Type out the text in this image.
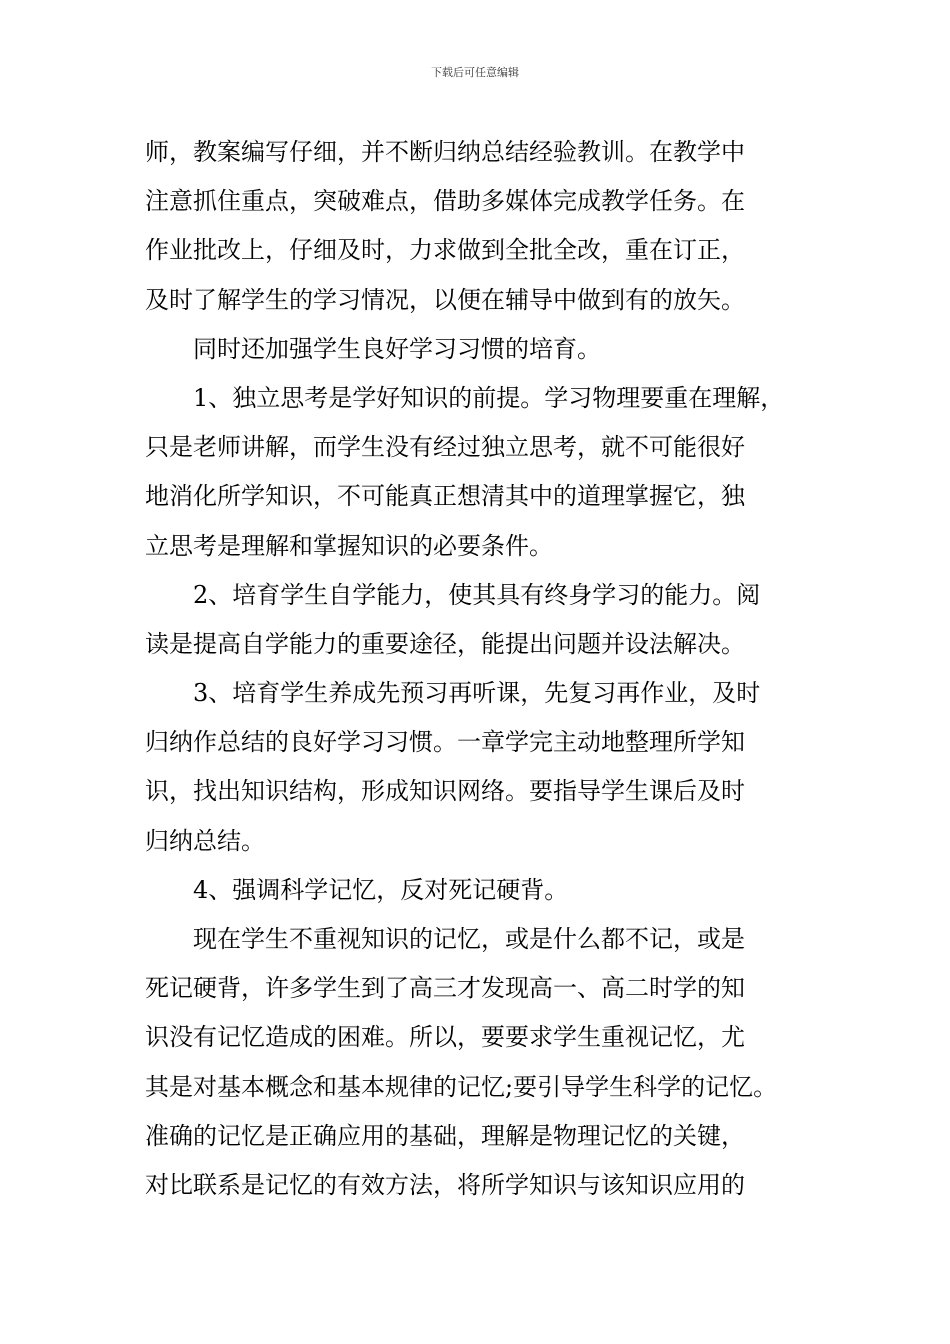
下载后可任意编辑
师，教案编写仔细，并不断归纳总结经验教训。在教学中
注意抓住重点，突破难点，借助多媒体完成教学任务。在
作业批改上，仔细及时，力求做到全批全改，重在订正，
及时了解学生的学习情况，以便在辅导中做到有的放矢。
同时还加强学生良好学习习惯的培育。
1、独立思考是学好知识的前提。学习物理要重在理解，
只是老师讲解，而学生没有经过独立思考，就不可能很好
地消化所学知识，不可能真正想清其中的道理掌握它，独
立思考是理解和掌握知识的必要条件。
2、培育学生自学能力，使其具有终身学习的能力。阅
读是提高自学能力的重要途径，能提出问题并设法解决。
3、培育学生养成先预习再听课，先复习再作业，及时
归纳作总结的良好学习习惯。一章学完主动地整理所学知
识，找出知识结构，形成知识网络。要指导学生课后及时
归纳总结。
4、强调科学记忆，反对死记硬背。
现在学生不重视知识的记忆，或是什么都不记，或是
死记硬背，许多学生到了高三才发现高一、高二时学的知
识没有记忆造成的困难。所以，要要求学生重视记忆，尤
其是对基本概念和基本规律的记忆;要引导学生科学的记忆。
准确的记忆是正确应用的基础，理解是物理记忆的关键，
对比联系是记忆的有效方法，将所学知识与该知识应用的
